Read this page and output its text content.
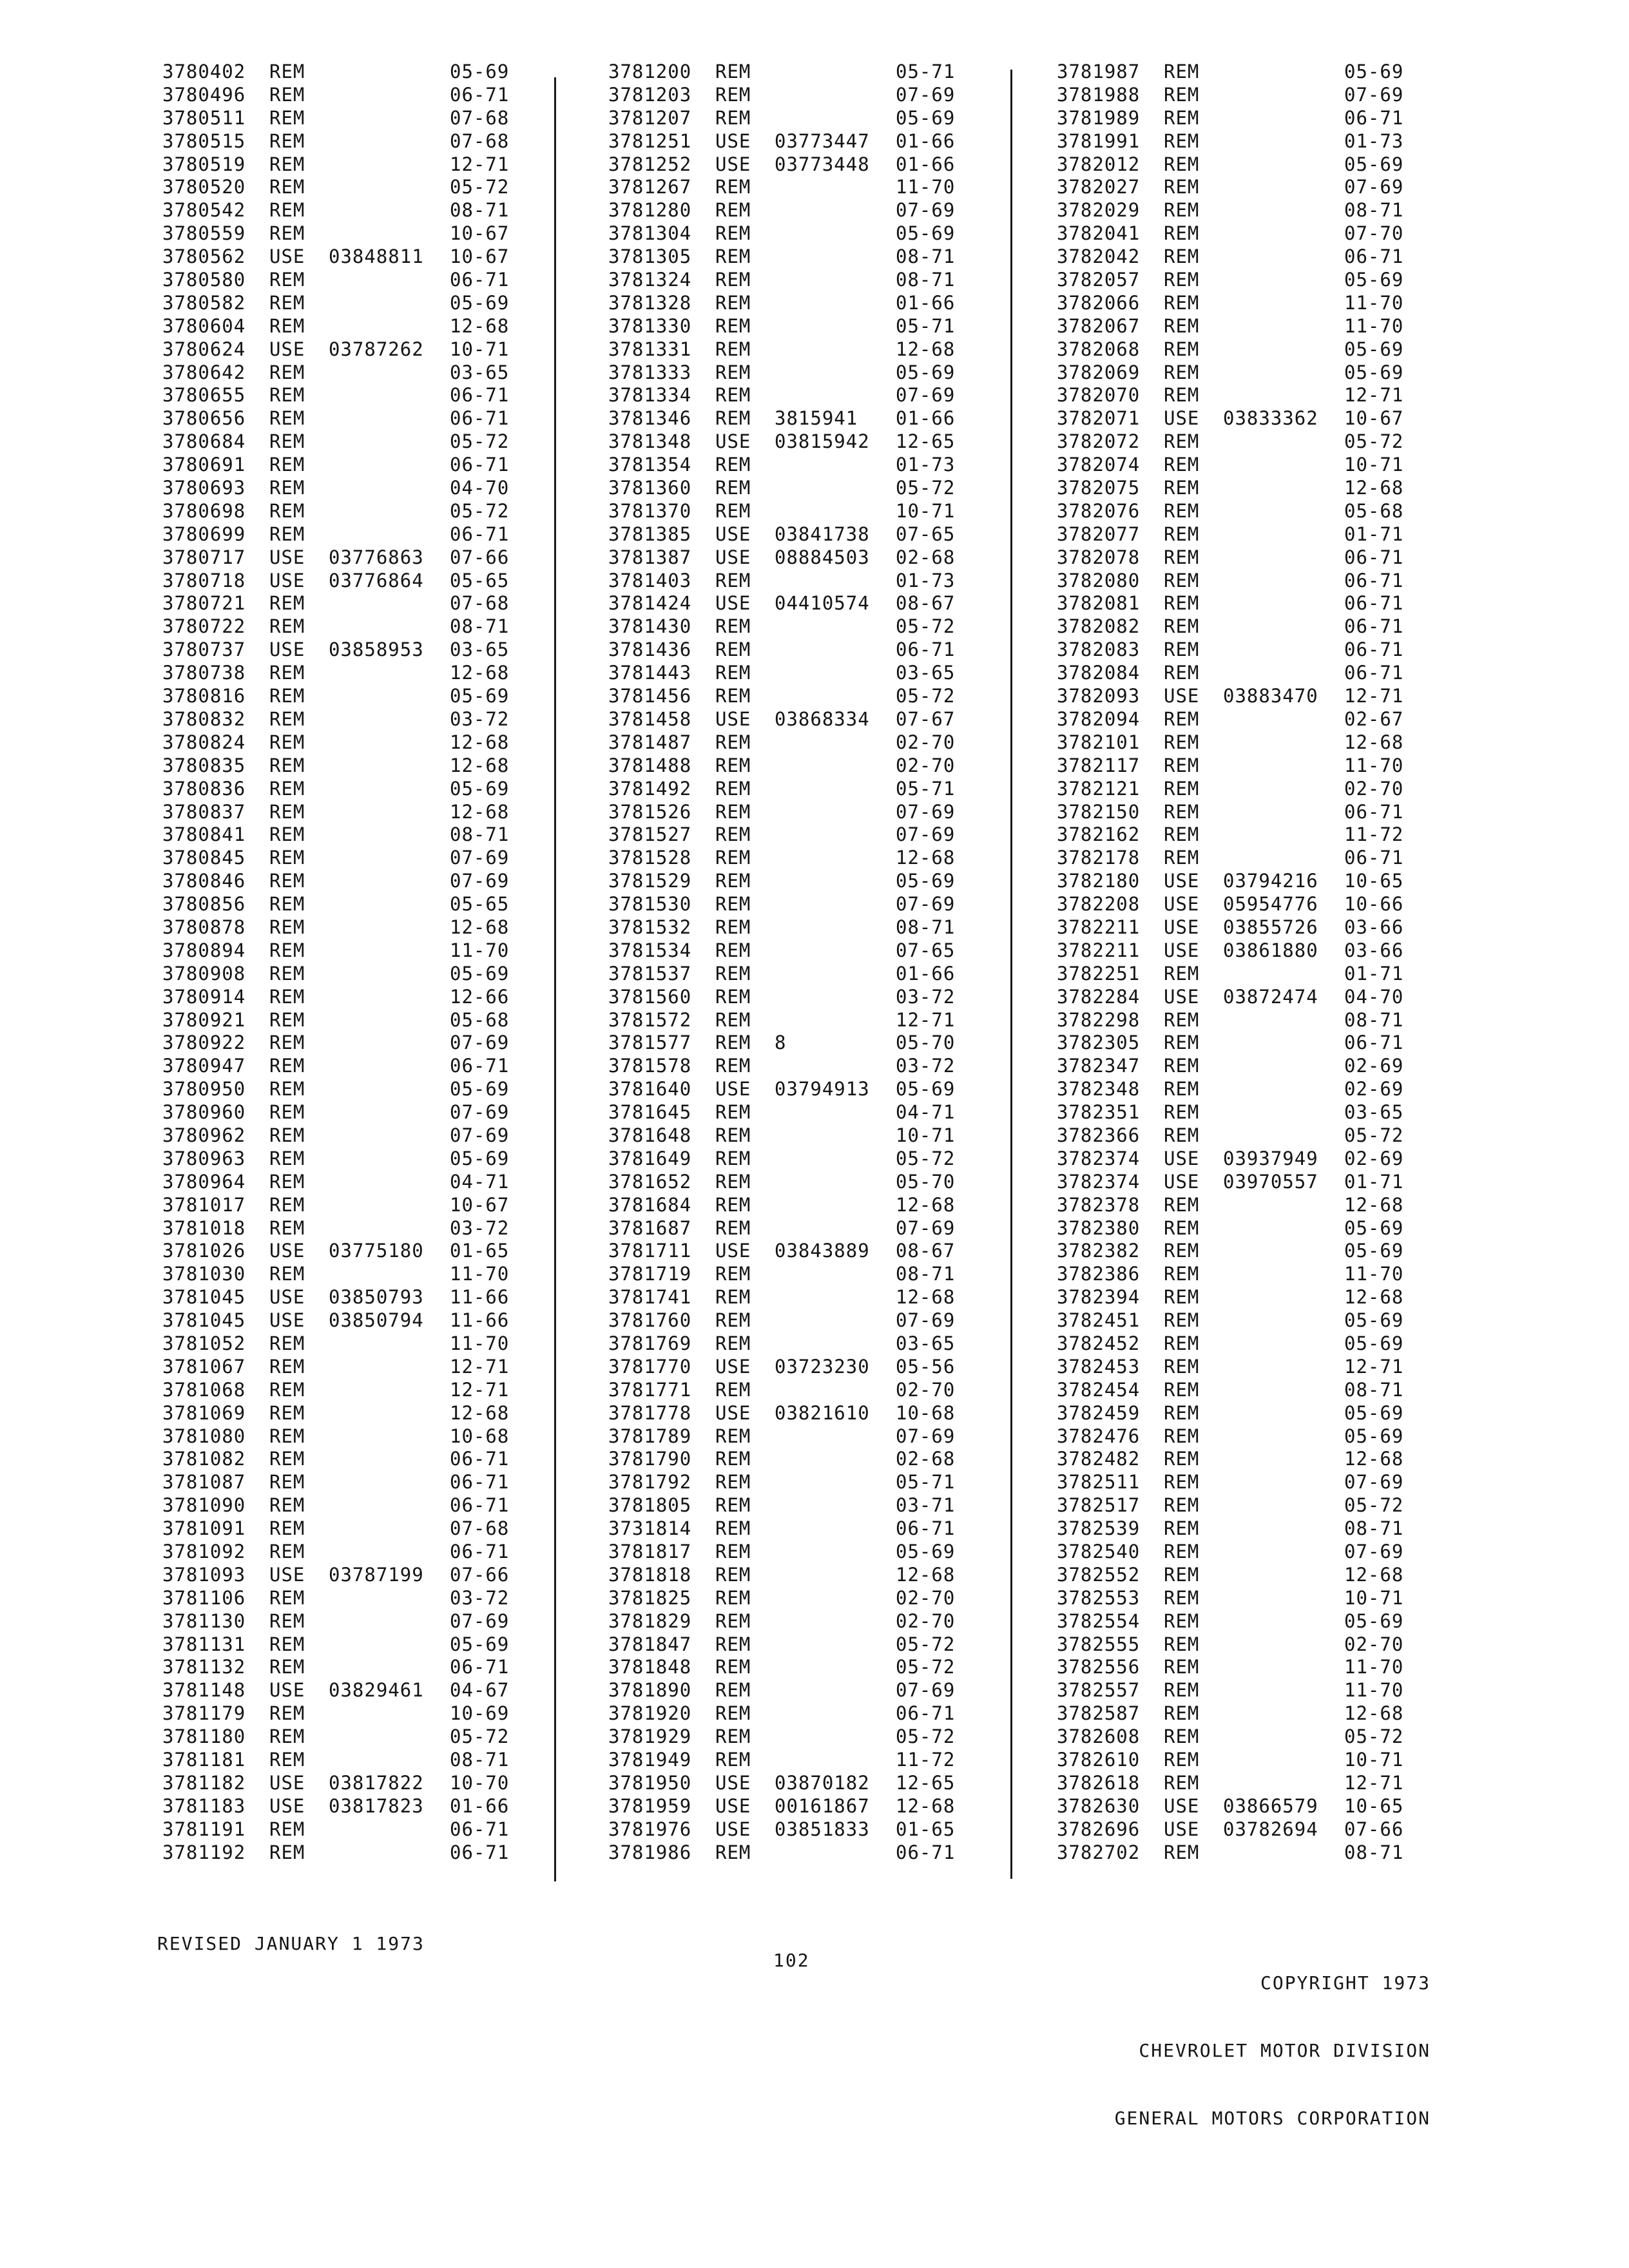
3780402 REM	05-69
3780496 REM	06-71
3780511 REM	07-68
3780515 REM	07-68
3780519 REM	12-71
3780520 REM	05-72
3780542 REM	08-71
3780559 REM	10-67
3780562 USE 03848811 10-67
3780580 REM	06-71
3780582 REM	05-69
3780604 REM	12-68
3780624 USE 03787262 10-71
3780642 REM	03-65
3780655 REM	06-71
3780656 REM	06-71
3780684 REM	05-72
3780691 REM	06-71
3780693 REM	04-70
3780698 REM	05-72
3780699 REM	06-71
3780717 USE 03776863 07-66
3780718 USE 03776864 05-65
3780721 REM	07-68
3780722 REM	08-71
3780737 USE 03858953 03-65
3780738 REM	12-68
3780816 REM	05-69
3780832 REM	03-72
3780824 REM	12-68
3780835 REM	12-68
3780836 REM	05-69
3780837 REM	12-68
3780841 REM	08-71
3780845 REM	07-69
3780846 REM	07-69
3780856 REM	05-65
3780878 REM	12-68
3780894 REM	11-70
3780908 REM	05-69
3780914 REM	12-66
3780921 REM	05-68
3780922 REM	07-69
3780947 REM	06-71
3780950 REM	05-69
3780960 REM	07-69
3780962 REM	07-69
3780963 REM	05-69
3780964 REM	04-71
3781017 REM	10-67
3781018 REM	03-72
3781026 USE 03775180 01-65
3781030 REM	11-70
3781045 USE 03850793 11-66
3781045 USE 03850794 11-66
3781052 REM	11-70
3781067 REM	12-71
3781068 REM	12-71
3781069 REM	12-68
3781080 REM	10-68
3781082 REM	06-71
3781087 REM	06-71
3781090 REM	06-71
3781091 REM	07-68
3781092 REM	06-71
3781093 USE 03787199 07-66
3781106 REM	03-72
3781130 REM	07-69
3781131 REM	05-69
3781132 REM	06-71
3781148 USE 03829461 04-67
3781179 REM	10-69
3781180 REM	05-72
3781181 REM	08-71
3781182 USE 03817822 10-70
3781183 USE 03817823 01-66
3781191 REM	06-71
3781192 REM	06-71
3781200 REM	05-71
3781203 REM	07-69
3781207 REM	05-69
3781251 USE 03773447 01-66
3781252 USE 03773448 01-66
3781267 REM	11-70
3781280 REM	07-69
3781304 REM	05-69
3781305 REM	08-71
3781324 REM	08-71
3781328 REM	01-66
3781330 REM	05-71
3781331 REM	12-68
3781333 REM	05-69
3781334 REM	07-69
3781346 REM 3815941 01-66
3781348 USE 03815942 12-65
3781354 REM	01-73
3781360 REM	05-72
3781370 REM	10-71
3781385 USE 03841738 07-65
3781387 USE 08884503 02-68
3781403 REM	01-73
3781424 USE 04410574 08-67
3781430 REM	05-72
3781436 REM	06-71
3781443 REM	03-65
3781456 REM	05-72
3781458 USE 03868334 07-67
3781487 REM	02-70
3781488 REM	02-70
3781492 REM	05-71
3781526 REM	07-69
3781527 REM	07-69
3781528 REM	12-68
3781529 REM	05-69
3781530 REM	07-69
3781532 REM	08-71
3781534 REM	07-65
3781537 REM	01-66
3781560 REM	03-72
3781572 REM	12-71
3781577 REM 8	05-70
3781578 REM	03-72
3781640 USE 03794913 05-69
3781645 REM	04-71
3781648 REM	10-71
3781649 REM	05-72
3781652 REM	05-70
3781684 REM	12-68
3781687 REM	07-69
3781711 USE 03843889 08-67
3781719 REM	08-71
3781741 REM	12-68
3781760 REM	07-69
3781769 REM	03-65
3781770 USE 03723230 05-56
3781771 REM	02-70
3781778 USE 03821610 10-68
3781789 REM	07-69
3781790 REM	02-68
3781792 REM	05-71
3781805 REM	03-71
3731814 REM	06-71
3781817 REM	05-69
3781818 REM	12-68
3781825 REM	02-70
3781829 REM	02-70
3781847 REM	05-72
3781848 REM	05-72
3781890 REM	07-69
3781920 REM	06-71
3781929 REM	05-72
3781949 REM	11-72
3781950 USE 03870182 12-65
3781959 USE 00161867 12-68
3781976 USE 03851833 01-65
3781986 REM	06-71
3781987 REM	05-69
3781988 REM	07-69
3781989 REM	06-71
3781991 REM	01-73
3782012 REM	05-69
3782027 REM	07-69
3782029 REM	08-71
3782041 REM	07-70
3782042 REM	06-71
3782057 REM	05-69
3782066 REM	11-70
3782067 REM	11-70
3782068 REM	05-69
3782069 REM	05-69
3782070 REM	12-71
3782071 USE 03833362 10-67
3782072 REM	05-72
3782074 REM	10-71
3782075 REM	12-68
3782076 REM	05-68
3782077 REM	01-71
3782078 REM	06-71
3782080 REM	06-71
3782081 REM	06-71
3782082 REM	06-71
3782083 REM	06-71
3782084 REM	06-71
3782093 USE 03883470 12-71
3782094 REM	02-67
3782101 REM	12-68
3782117 REM	11-70
3782121 REM	02-70
3782150 REM	06-71
3782162 REM	11-72
3782178 REM	06-71
3782180 USE 03794216 10-65
3782208 USE 05954776 10-66
3782211 USE 03855726 03-66
3782211 USE 03861880 03-66
3782251 REM	01-71
3782284 USE 03872474 04-70
3782298 REM	08-71
3782305 REM	06-71
3782347 REM	02-69
3782348 REM	02-69
3782351 REM	03-65
3782366 REM	05-72
3782374 USE 03937949 02-69
3782374 USE 03970557 01-71
3782378 REM	12-68
3782380 REM	05-69
3782382 REM	05-69
3782386 REM	11-70
3782394 REM	12-68
3782451 REM	05-69
3782452 REM	05-69
3782453 REM	12-71
3782454 REM	08-71
3782459 REM	05-69
3782476 REM	05-69
3782482 REM	12-68
3782511 REM	07-69
3782517 REM	05-72
3782539 REM	08-71
3782540 REM	07-69
3782552 REM	12-68
3782553 REM	10-71
3782554 REM	05-69
3782555 REM	02-70
3782556 REM	11-70
3782557 REM	11-70
3782587 REM	12-68
3782608 REM	05-72
3782610 REM	10-71
3782618 REM	12-71
3782630 USE 03866579 10-65
3782696 USE 03782694 07-66
3782702 REM	08-71
REVISED JANUARY 1 1973
102

COPYRIGHT 1973

CHEVROLET MOTOR DIVISION

GENERAL MOTORS CORPORATION
